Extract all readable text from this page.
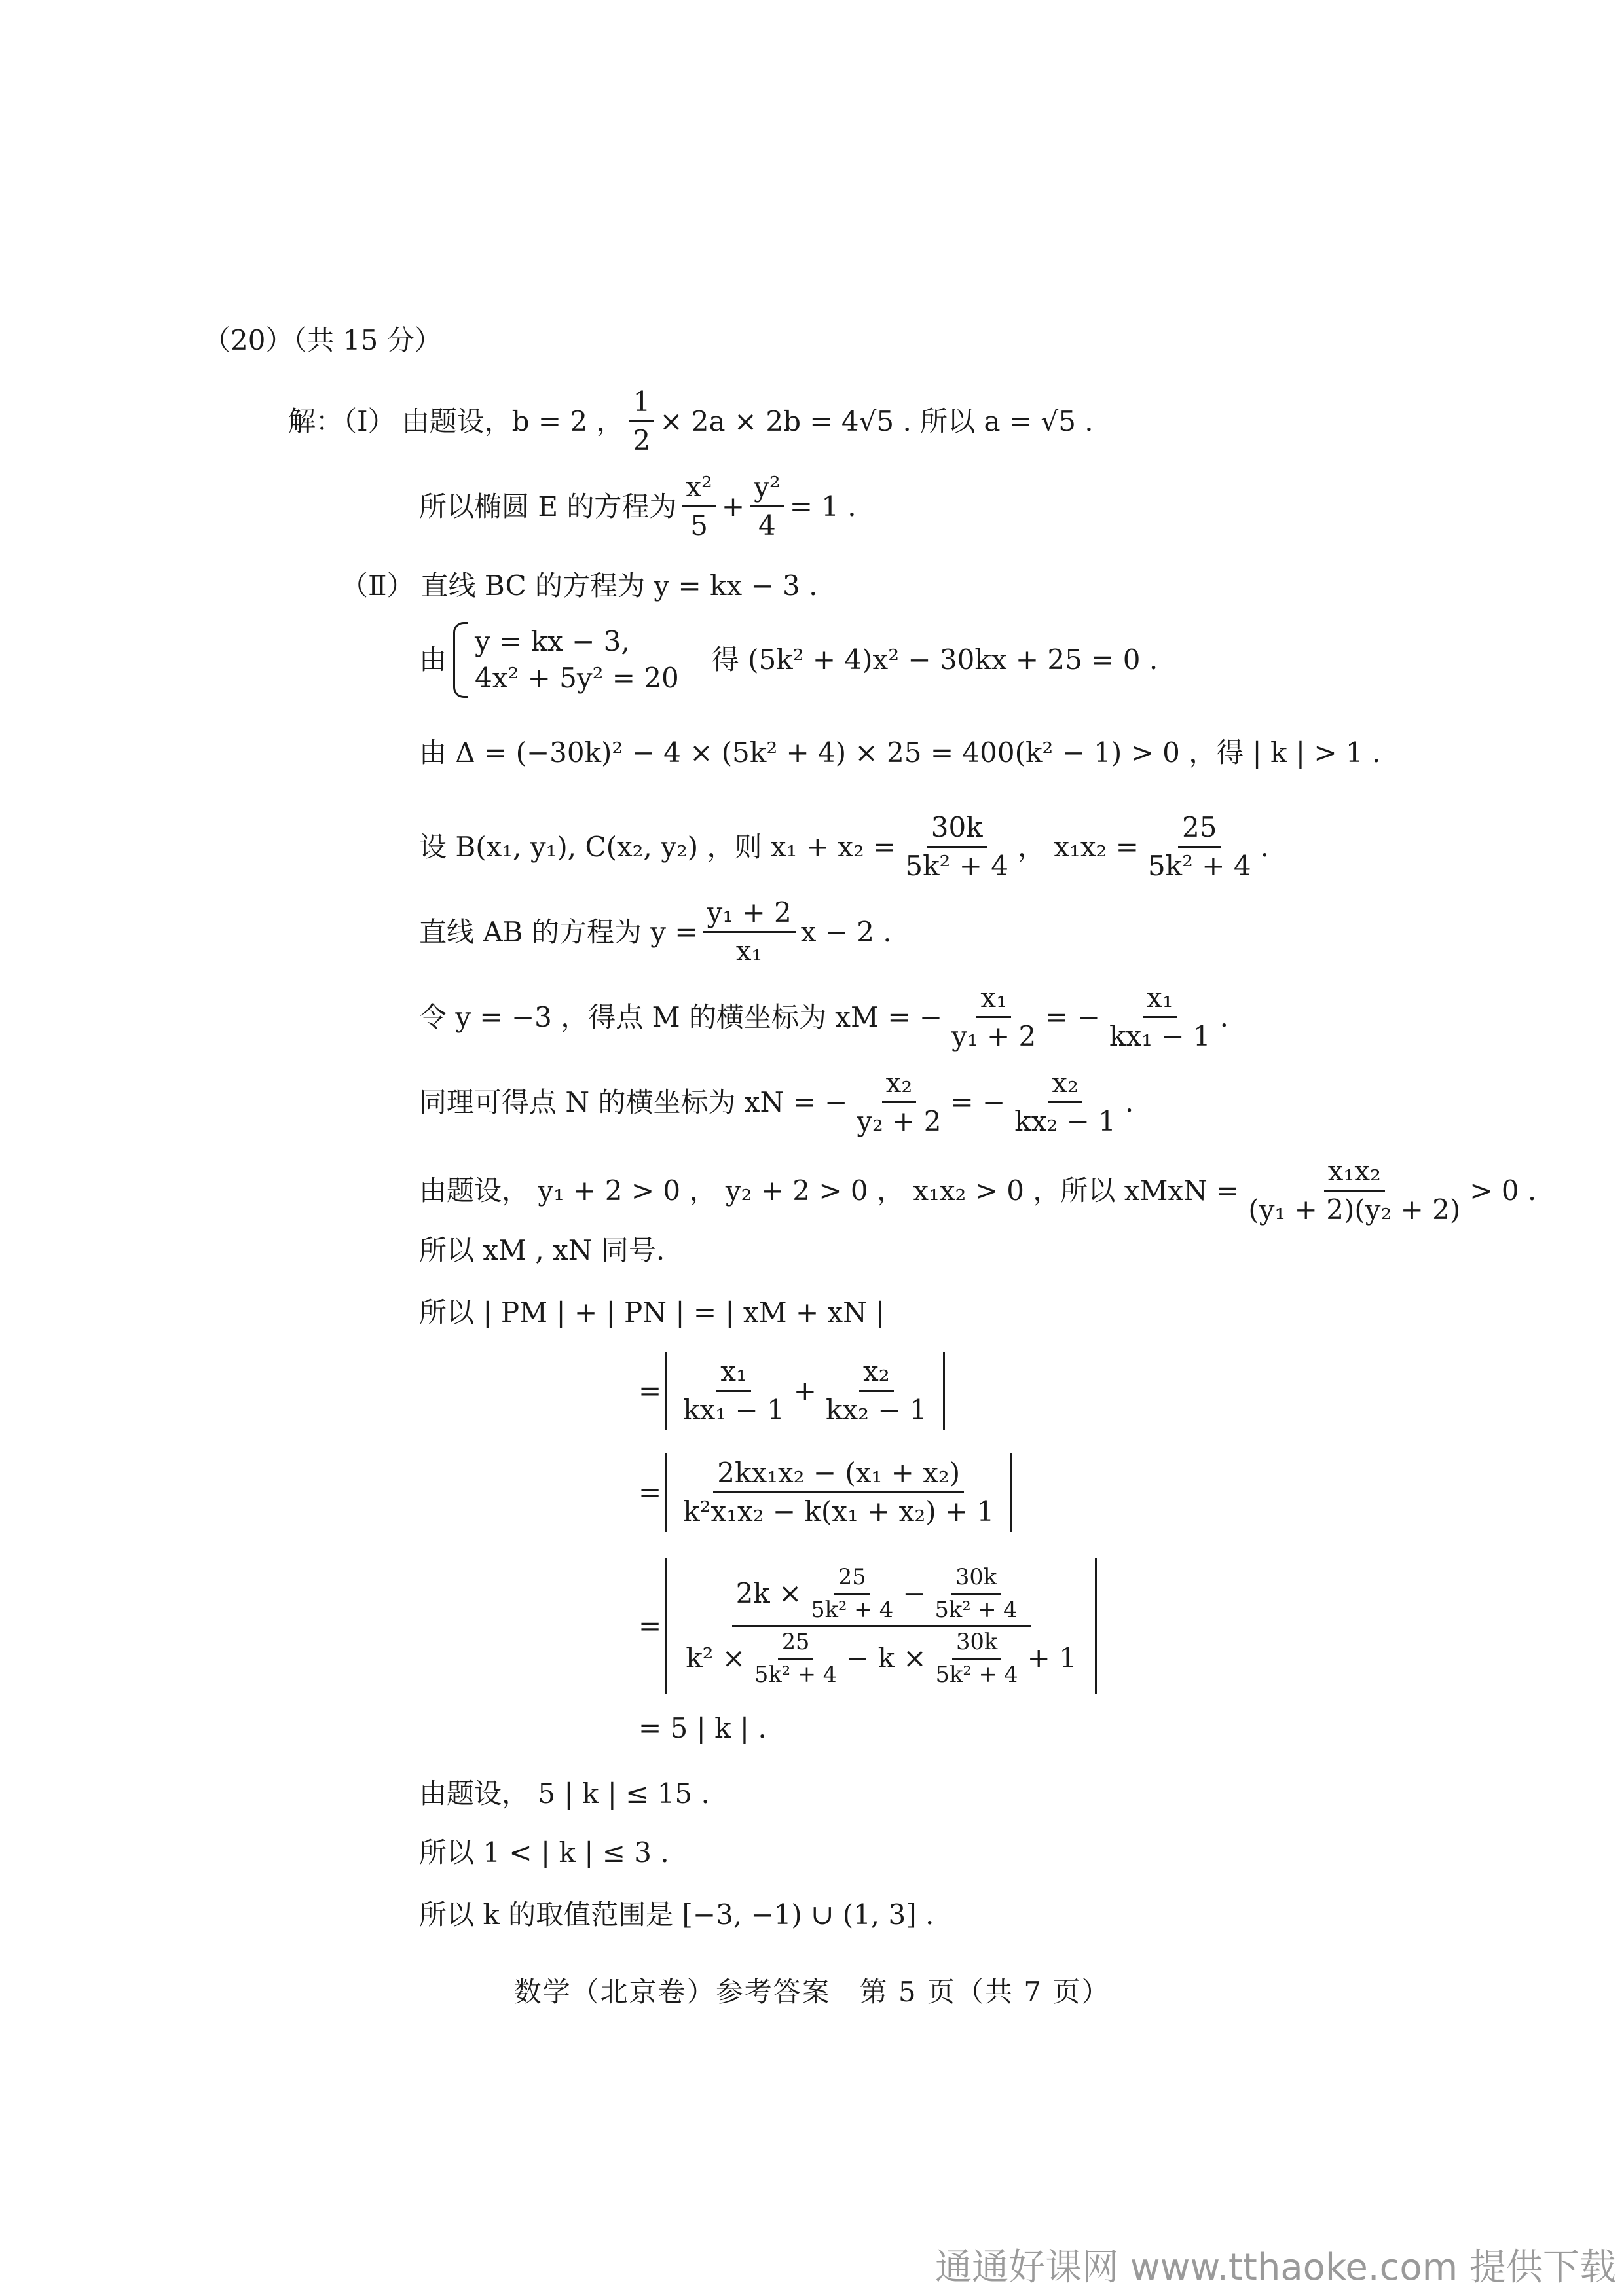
（20）（共 15 分）
解：（Ⅰ） 由题设，b = 2 ， $\frac{1}{2} \times 2a \times 2b = 4√5$ . 所以 a = √5 .
所以椭圆 E 的方程为 $\frac{\text{x²}}{5} + \frac{\text{y²}}{4} = 1$ .
（Ⅱ） 直线 BC 的方程为 y = kx − 3 .
由
y = kx − 3,
4x² + 5y² = 20
得 (5k² + 4)x² − 30kx + 25 = 0 .
由 Δ = (−30k)² − 4 × (5k² + 4) × 25 = 400(k² − 1) > 0 ，得 | k | > 1 .
设 B(x₁, y₁), C(x₂, y₂) ，则 $x_1 + x_2 = \frac{30k}{\text{5k² + 4}}$ ， $x_1x_2 = \frac{25}{\text{5k² + 4}}$ .
直线 AB 的方程为 $y = \frac{\text{y₁ + 2}}{\text{x₁}}$ x − 2 .
令 y = −3 ，得点 M 的横坐标为 xM = − $\frac{\text{x₁}}{\text{y₁ + 2}}$ = − $\frac{\text{x₁}}{\text{kx₁ − 1}}$ .
同理可得点 N 的横坐标为 xN = − $\frac{\text{x₂}}{\text{y₂ + 2}}$ = − $\frac{\text{x₂}}{\text{kx₂ − 1}}$ .
由题设， y₁ + 2 > 0 ， y₂ + 2 > 0 ， x₁x₂ > 0 ，所以 xMxN = $\frac{\text{x₁x₂}}{\text{(y₁ + 2)(y₂ + 2)}} > 0$ .
所以 xM , xN 同号.
所以 | PM | + | PN | = | xM + xN |
= $\frac{\text{x₁}}{\text{kx₁ − 1}} + \frac{\text{x₂}}{\text{kx₂ − 1}}$
= $\frac{\text{2kx₁x₂ − (x₁ + x₂)}}{\text{k²x₁x₂ − k(x₁ + x₂) + 1}}$
=
$2k \times \frac{25}{\text{5k² + 4}} - \frac{30k}{\text{5k² + 4}}$
$k^2 \times \frac{25}{\text{5k² + 4}} - k \times \frac{30k}{\text{5k² + 4}} + 1$
= 5 | k | .
由题设， 5 | k | ≤ 15 .
所以 1 < | k | ≤ 3 .
所以 k 的取值范围是 [−3, −1) ∪ (1, 3] .
数学（北京卷）参考答案　第 5 页（共 7 页）
通通好课网 www.tthaoke.com 提供下载
